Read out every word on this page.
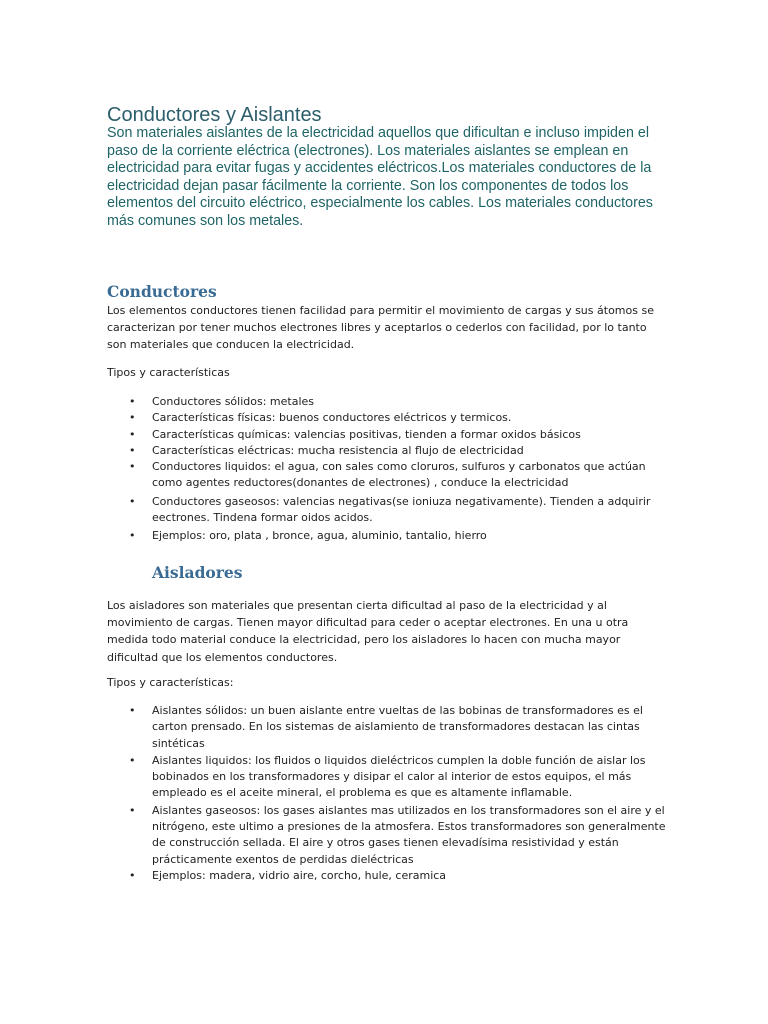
Conductores y Aislantes

Son materiales aislantes de la electricidad aquellos que dificultan e incluso impiden el paso de la corriente eléctrica (electrones). Los materiales aislantes se emplean en electricidad para evitar fugas y accidentes eléctricos.Los materiales conductores de la electricidad dejan pasar fácilmente la corriente. Son los componentes de todos los elementos del circuito eléctrico, especialmente los cables. Los materiales conductores más comunes son los metales.

Conductores

Los elementos conductores tienen facilidad para permitir el movimiento de cargas y sus átomos se caracterizan por tener muchos electrones libres y aceptarlos o cederlos con facilidad, por lo tanto son materiales que conducen la electricidad.

Tipos y características

• Conductores sólidos: metales
• Características físicas: buenos conductores eléctricos y termicos.
• Características químicas: valencias positivas, tienden a formar oxidos básicos
• Características eléctricas: mucha resistencia al flujo de electricidad
• Conductores liquidos: el agua, con sales como cloruros, sulfuros y carbonatos que actúan como agentes reductores(donantes de electrones) , conduce la electricidad
• Conductores gaseosos: valencias negativas(se ioniuza negativamente). Tienden a adquirir eectrones. Tindena formar oidos acidos.
• Ejemplos: oro, plata , bronce, agua, aluminio, tantalio, hierro
Aisladores

Los aisladores son materiales que presentan cierta dificultad al paso de la electricidad y al movimiento de cargas. Tienen mayor dificultad para ceder o aceptar electrones. En una u otra medida todo material conduce la electricidad, pero los aisladores lo hacen con mucha mayor dificultad que los elementos conductores.

Tipos y características:

• Aislantes sólidos: un buen aislante entre vueltas de las bobinas de transformadores es el carton prensado. En los sistemas de aislamiento de transformadores destacan las cintas sintéticas
• Aislantes liquidos: los fluidos o liquidos dieléctricos cumplen la doble función de aislar los bobinados en los transformadores y disipar el calor al interior de estos equipos, el más empleado es el aceite mineral, el problema es que es altamente inflamable.
• Aislantes gaseosos: los gases aislantes mas utilizados en los transformadores son el aire y el nitrógeno, este ultimo a presiones de la atmosfera. Estos transformadores son generalmente de construcción sellada. El aire y otros gases tienen elevadísima resistividad y están prácticamente exentos de perdidas dieléctricas
• Ejemplos: madera, vidrio aire, corcho, hule, ceramica
